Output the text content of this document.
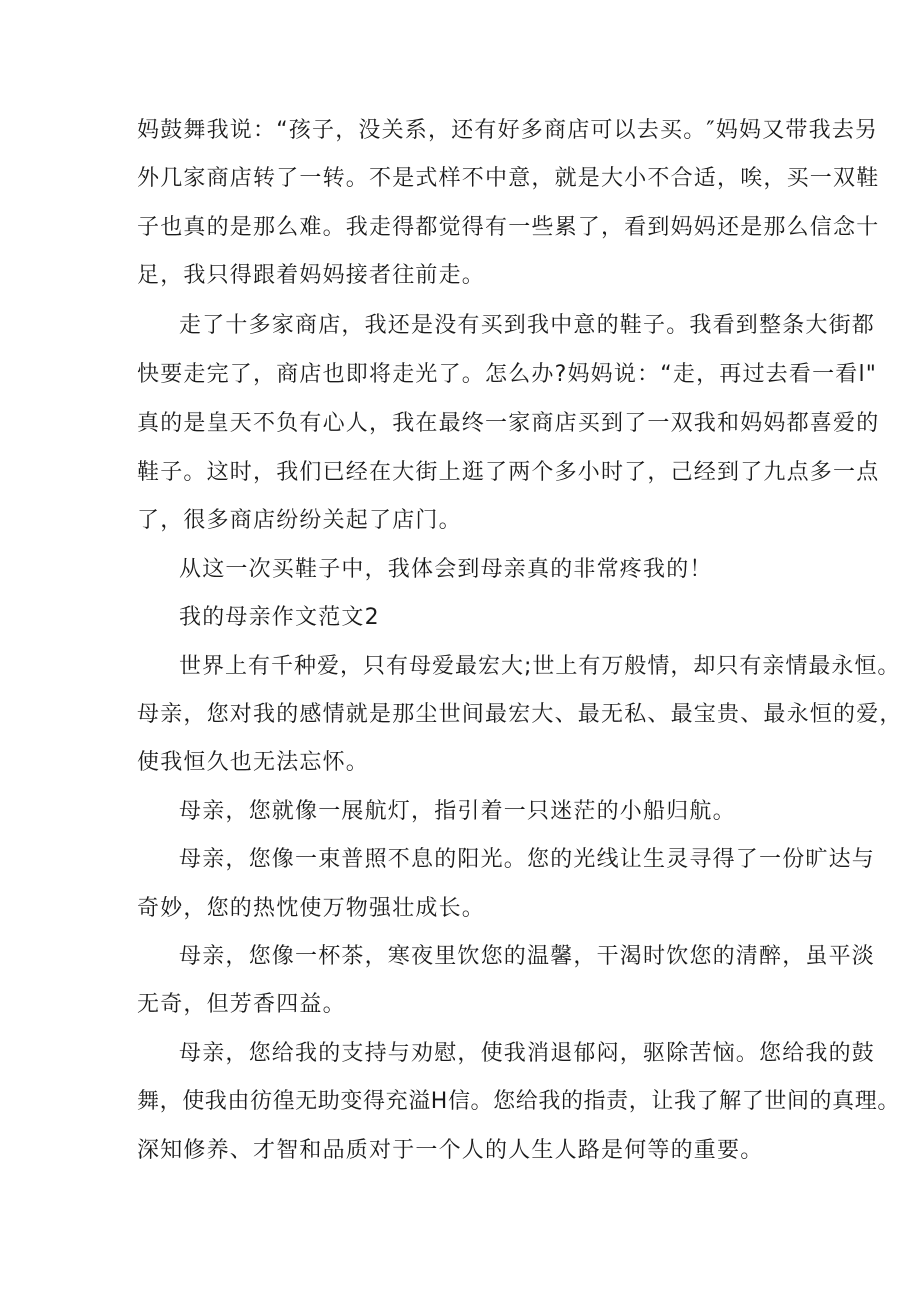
妈鼓舞我说：“孩子，没关系，还有好多商店可以去买。″妈妈又带我去另

外几家商店转了一转。不是式样不中意，就是大小不合适，唉，买一双鞋

子也真的是那么难。我走得都觉得有一些累了，看到妈妈还是那么信念十

足，我只得跟着妈妈接者往前走。

走了十多家商店，我还是没有买到我中意的鞋子。我看到整条大街都

快要走完了，商店也即将走光了。怎么办?妈妈说：“走，再过去看一看l"

真的是皇天不负有心人，我在最终一家商店买到了一双我和妈妈都喜爱的

鞋子。这时，我们已经在大街上逛了两个多小时了，己经到了九点多一点

了，很多商店纷纷关起了店门。

从这一次买鞋子中，我体会到母亲真的非常疼我的！

我的母亲作文范文2

世界上有千种爱，只有母爱最宏大;世上有万般情，却只有亲情最永恒。

母亲，您对我的感情就是那尘世间最宏大、最无私、最宝贵、最永恒的爱，

使我恒久也无法忘怀。

母亲，您就像一展航灯，指引着一只迷茫的小船归航。

母亲，您像一束普照不息的阳光。您的光线让生灵寻得了一份旷达与

奇妙，您的热忱使万物强壮成长。

母亲，您像一杯茶，寒夜里饮您的温馨，干渴时饮您的清醉，虽平淡

无奇，但芳香四益。

母亲，您给我的支持与劝慰，使我消退郁闷，驱除苦恼。您给我的鼓

舞，使我由彷徨无助变得充溢H信。您给我的指责，让我了解了世间的真理。

深知修养、才智和品质对于一个人的人生人路是何等的重要。
